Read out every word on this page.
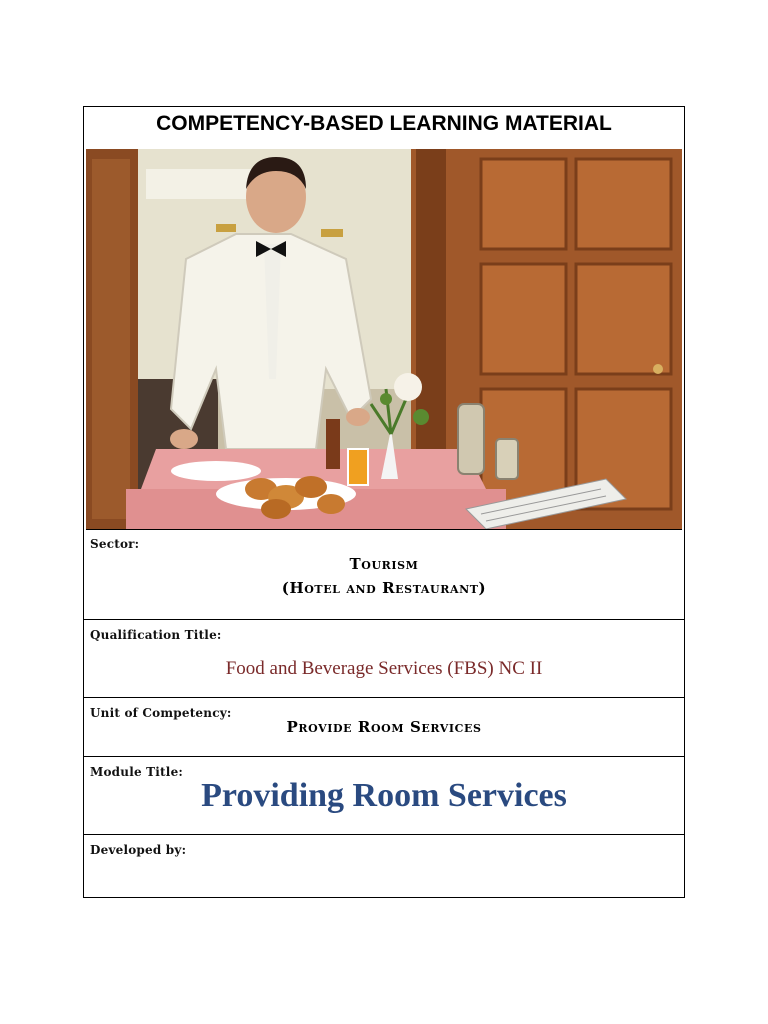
COMPETENCY-BASED LEARNING MATERIAL
Sector:
Tourism
(Hotel and Restaurant)
Qualification Title:
Food and Beverage Services (FBS) NC II
Unit of Competency:
Provide Room Services
Module Title:
Providing Room Services
Developed by:
